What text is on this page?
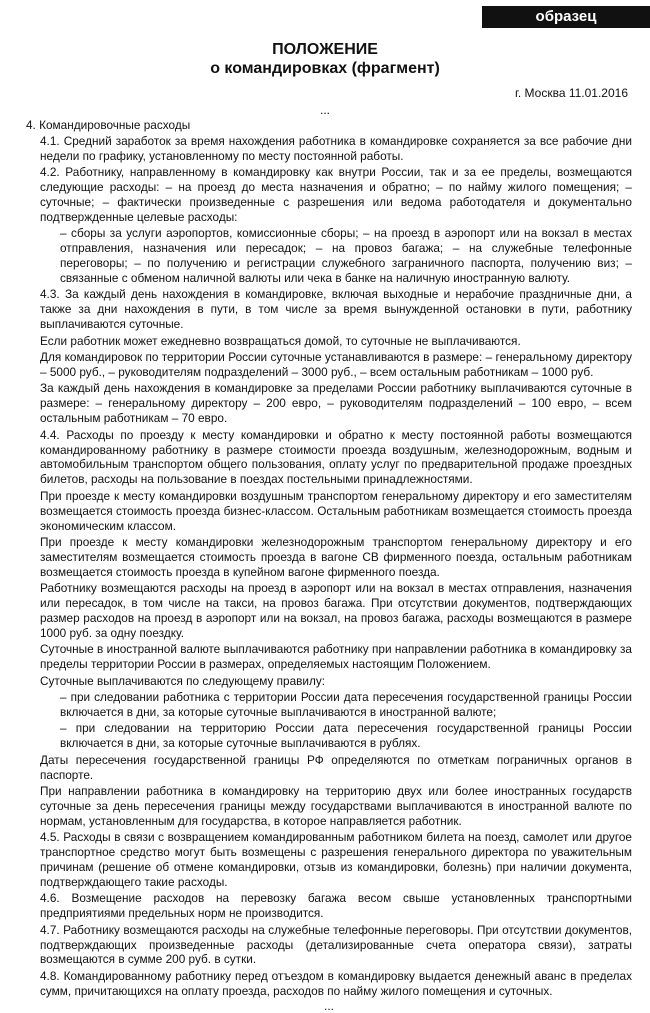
образец
ПОЛОЖЕНИЕ
о командировках (фрагмент)
г. Москва 11.01.2016
...

4. Командировочные расходы

4.1. Средний заработок за время нахождения работника в командировке сохраняется за все рабочие дни недели по графику, установленному по месту постоянной работы.

4.2. Работнику, направленному в командировку как внутри России, так и за ее пределы, возмещаются следующие расходы: – на проезд до места назначения и обратно; – по найму жилого помещения; – суточные; – фактически произведенные с разрешения или ведома работодателя и документально подтвержденные целевые расходы:

– сборы за услуги аэропортов, комиссионные сборы; – на проезд в аэропорт или на вокзал в местах отправления, назначения или пересадок; – на провоз багажа; – на служебные телефонные переговоры; – по получению и регистрации служебного заграничного паспорта, получению виз; – связанные с обменом наличной валюты или чека в банке на наличную иностранную валюту.

4.3. За каждый день нахождения в командировке, включая выходные и нерабочие праздничные дни, а также за дни нахождения в пути, в том числе за время вынужденной остановки в пути, работнику выплачиваются суточные.

Если работник может ежедневно возвращаться домой, то суточные не выплачиваются.

Для командировок по территории России суточные устанавливаются в размере: – генеральному директору – 5000 руб., – руководителям подразделений – 3000 руб., – всем остальным работникам – 1000 руб.

За каждый день нахождения в командировке за пределами России работнику выплачиваются суточные в размере: – генеральному директору – 200 евро, – руководителям подразделений – 100 евро, – всем остальным работникам – 70 евро.

4.4. Расходы по проезду к месту командировки и обратно к месту постоянной работы возмещаются командированному работнику в размере стоимости проезда воздушным, железнодорожным, водным и автомобильным транспортом общего пользования, оплату услуг по предварительной продаже проездных билетов, расходы на пользование в поездах постельными принадлежностями.

При проезде к месту командировки воздушным транспортом генеральному директору и его заместителям возмещается стоимость проезда бизнес-классом. Остальным работникам возмещается стоимость проезда экономическим классом.

При проезде к месту командировки железнодорожным транспортом генеральному директору и его заместителям возмещается стоимость проезда в вагоне СВ фирменного поезда, остальным работникам возмещается стоимость проезда в купейном вагоне фирменного поезда.

Работнику возмещаются расходы на проезд в аэропорт или на вокзал в местах отправления, назначения или пересадок, в том числе на такси, на провоз багажа. При отсутствии документов, подтверждающих размер расходов на проезд в аэропорт или на вокзал, на провоз багажа, расходы возмещаются в размере 1000 руб. за одну поездку.

Суточные в иностранной валюте выплачиваются работнику при направлении работника в командировку за пределы территории России в размерах, определяемых настоящим Положением.

Суточные выплачиваются по следующему правилу:

– при следовании работника с территории России дата пересечения государственной границы России включается в дни, за которые суточные выплачиваются в иностранной валюте;

– при следовании на территорию России дата пересечения государственной границы России включается в дни, за которые суточные выплачиваются в рублях.

Даты пересечения государственной границы РФ определяются по отметкам пограничных органов в паспорте.

При направлении работника в командировку на территорию двух или более иностранных государств суточные за день пересечения границы между государствами выплачиваются в иностранной валюте по нормам, установленным для государства, в которое направляется работник.

4.5. Расходы в связи с возвращением командированным работником билета на поезд, самолет или другое транспортное средство могут быть возмещены с разрешения генерального директора по уважительным причинам (решение об отмене командировки, отзыв из командировки, болезнь) при наличии документа, подтверждающего такие расходы.

4.6. Возмещение расходов на перевозку багажа весом свыше установленных транспортными предприятиями предельных норм не производится.

4.7. Работнику возмещаются расходы на служебные телефонные переговоры. При отсутствии документов, подтверждающих произведенные расходы (детализированные счета оператора связи), затраты возмещаются в сумме 200 руб. в сутки.

4.8. Командированному работнику перед отъездом в командировку выдается денежный аванс в пределах сумм, причитающихся на оплату проезда, расходов по найму жилого помещения и суточных.

...
